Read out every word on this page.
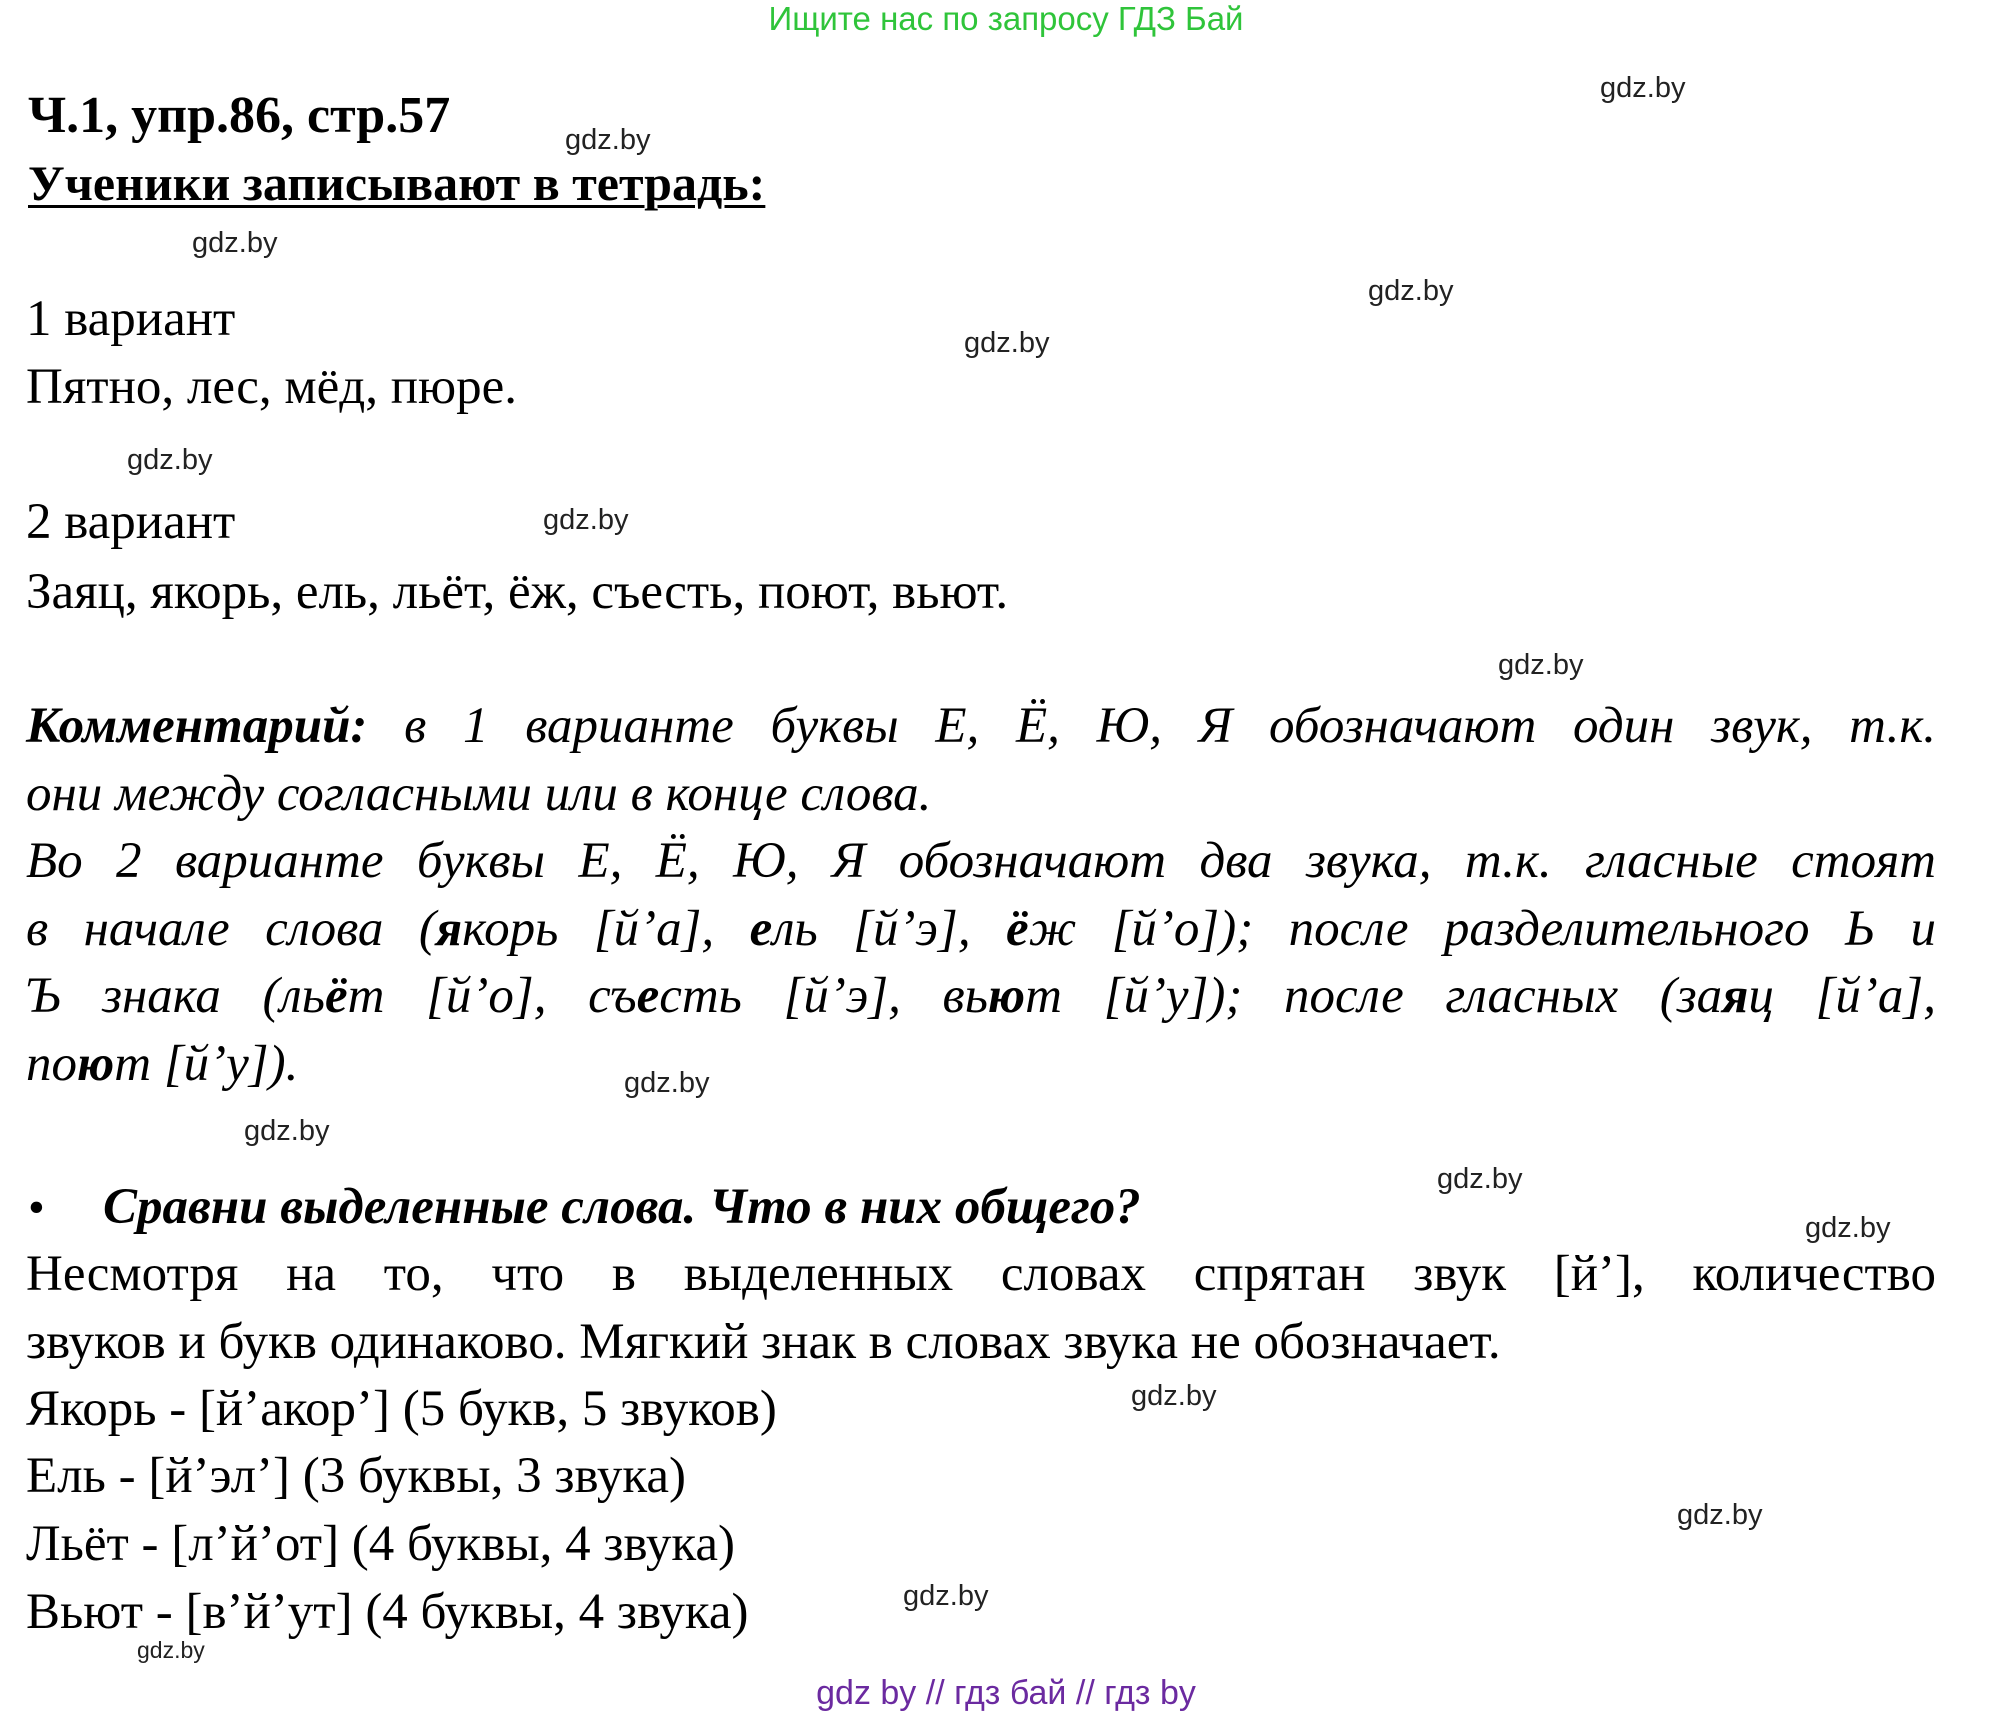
Ищите нас по запросу ГДЗ Бай
Ч.1, упр.86, стр.57
Ученики записывают в тетрадь:
1 вариант
Пятно, лес, мёд, пюре.
2 вариант
Заяц, якорь, ель, льёт, ёж, съесть, поют, вьют.
Комментарий: в 1 варианте буквы Е, Ё, Ю, Я обозначают один звук, т.к.
они между согласными или в конце слова.
Во 2 варианте буквы Е, Ё, Ю, Я обозначают два звука, т.к. гласные стоят
в начале слова (якорь [й’а], ель [й’э], ёж [й’о]); после разделительного Ь и
Ъ знака (льёт [й’о], съесть [й’э], вьют [й’у]); после гласных (заяц [й’а],
поют [й’у]).
• Сравни выделенные слова. Что в них общего?
Несмотря на то, что в выделенных словах спрятан звук [й’], количество
звуков и букв одинаково. Мягкий знак в словах звука не обозначает.
Якорь - [й’акор’] (5 букв, 5 звуков)
Ель - [й’эл’] (3 буквы, 3 звука)
Льёт - [л’й’от] (4 буквы, 4 звука)
Вьют - [в’й’ут] (4 буквы, 4 звука)
gdz.by
gdz.by
gdz.by
gdz.by
gdz.by
gdz.by
gdz.by
gdz.by
gdz.by
gdz.by
gdz.by
gdz.by
gdz.by
gdz.by
gdz.by
gdz.by
gdz by // гдз бай // гдз by
